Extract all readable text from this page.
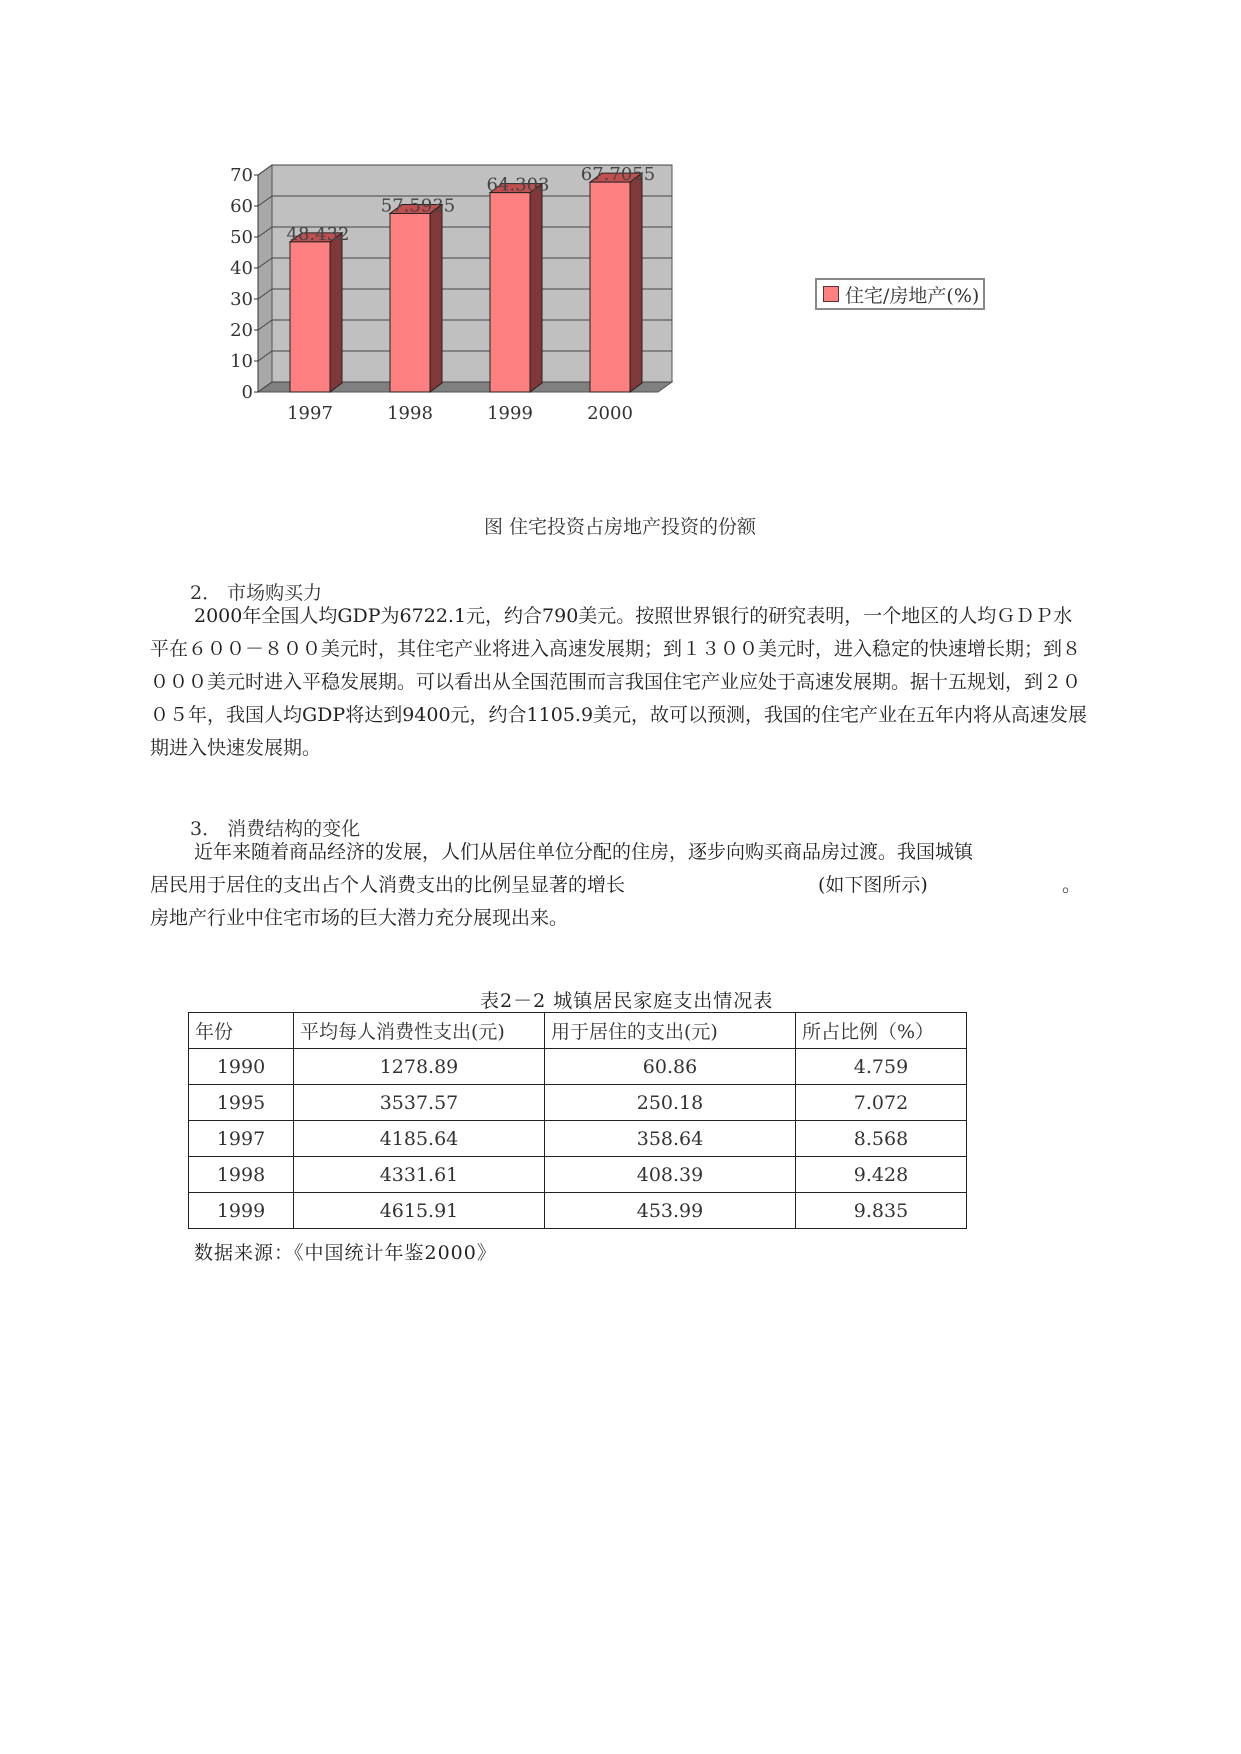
0
10
20
30
40
50
60
70
48.432
1997
57.5935
1998
64.303
1999
67.7055
2000
住宅/房地产(%)
图 住宅投资占房地产投资的份额
2． 市场购买力

2000年全国人均GDP为6722.1元，约合790美元。按照世界银行的研究表明，一个地区的人均ＧＤＰ水平在６００－８００美元时，其住宅产业将进入高速发展期；到１３００美元时，进入稳定的快速增长期；到８０００美元时进入平稳发展期。可以看出从全国范围而言我国住宅产业应处于高速发展期。据十五规划，到２００５年，我国人均GDP将达到9400元，约合1105.9美元，故可以预测，我国的住宅产业在五年内将从高速发展期进入快速发展期。

3． 消费结构的变化
近年来随着商品经济的发展，人们从居住单位分配的住房，逐步向购买商品房过渡。我国城镇
居民用于居住的支出占个人消费支出的比例呈显著的增长	(如下图所示)	。
房地产行业中住宅市场的巨大潜力充分展现出来。
表2－2 城镇居民家庭支出情况表
年份	平均每人消费性支出(元)	用于居住的支出(元)	所占比例（%）
1990	1278.89	60.86	4.759
1995	3537.57	250.18	7.072
1997	4185.64	358.64	8.568
1998	4331.61	408.39	9.428
1999	4615.91	453.99	9.835
数据来源：《中国统计年鉴2000》
